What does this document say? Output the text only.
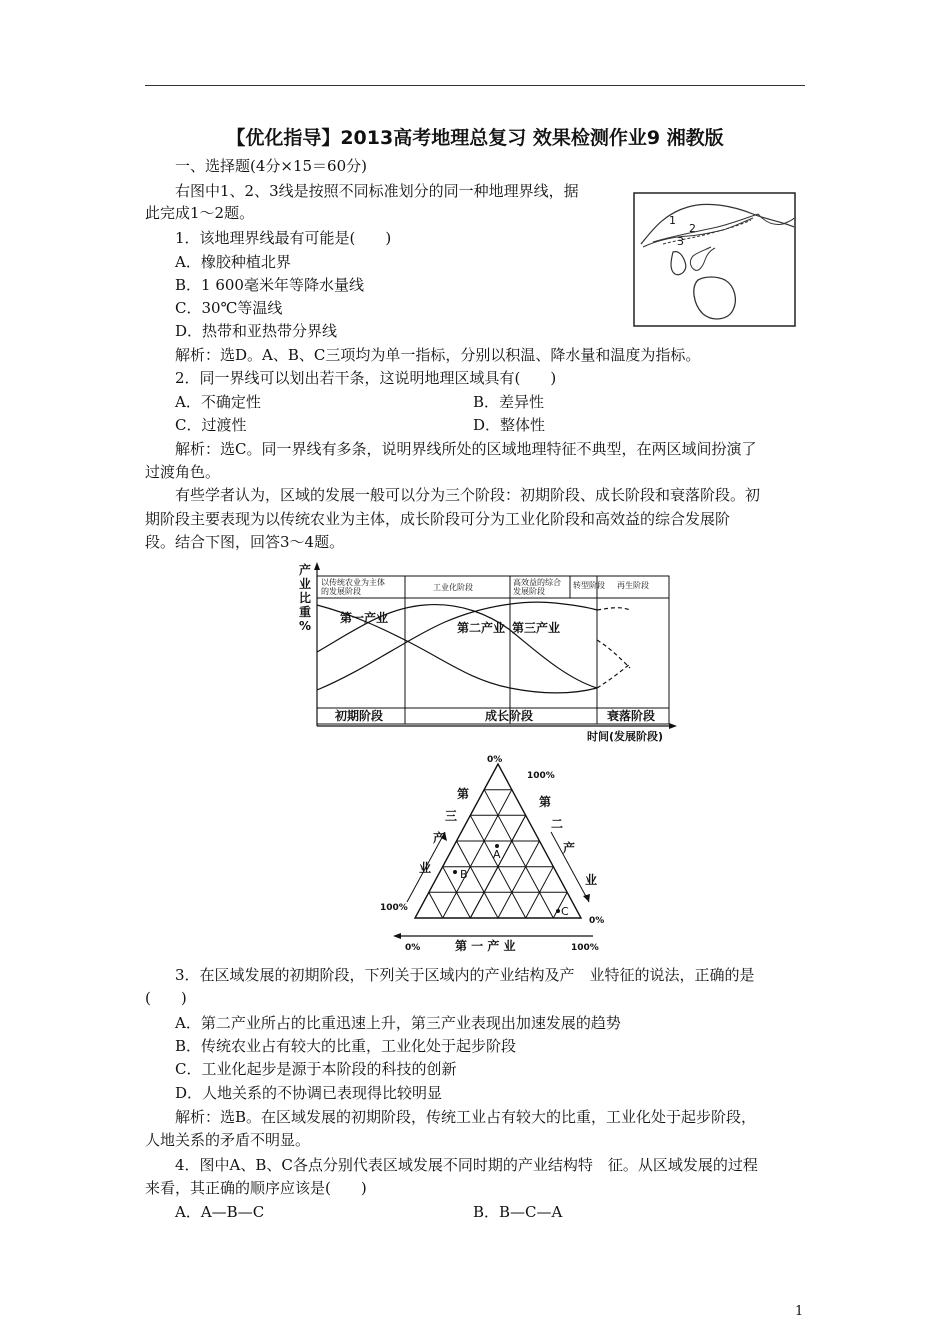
【优化指导】2013高考地理总复习 效果检测作业9 湘教版
一、选择题(4分×15＝60分)
右图中1、2、3线是按照不同标准划分的同一种地理界线，据
此完成1～2题。
1．该地理界线最有可能是(　　)
A．橡胶种植北界
B．1 600毫米年等降水量线
C．30℃等温线
D．热带和亚热带分界线
解析：选D。A、B、C三项均为单一指标，分别以积温、降水量和温度为指标。
2．同一界线可以划出若干条，这说明地理区域具有(　　)
A．不确定性	B．差异性
C．过渡性	D．整体性
解析：选C。同一界线有多条，说明界线所处的区域地理特征不典型，在两区域间扮演了
过渡角色。
有些学者认为，区域的发展一般可以分为三个阶段：初期阶段、成长阶段和衰落阶段。初
期阶段主要表现为以传统农业为主体，成长阶段可分为工业化阶段和高效益的综合发展阶
段。结合下图，回答3～4题。
1
2
3
产
业
比
重
%
以传统农业为主体
的发展阶段	工业化阶段
高效益的综合
发展阶段
转型阶段 再生阶段
第一产业
第二产业 第三产业
初期阶段	成长阶段	衰落阶段
时间(发展阶段)
A
B
C
0%
100%
100%
0%
0%	100%
第
三
产
业
第
二
产
业
第 一 产 业
3．在区域发展的初期阶段，下列关于区域内的产业结构及产　业特征的说法，正确的是
(　　)
A．第二产业所占的比重迅速上升，第三产业表现出加速发展的趋势
B．传统农业占有较大的比重，工业化处于起步阶段
C．工业化起步是源于本阶段的科技的创新
D．人地关系的不协调已表现得比较明显
解析：选B。在区域发展的初期阶段，传统工业占有较大的比重，工业化处于起步阶段，
人地关系的矛盾不明显。
4．图中A、B、C各点分别代表区域发展不同时期的产业结构特　征。从区域发展的过程
来看，其正确的顺序应该是(　　)
A．A—B—C	B．B—C—A
1
